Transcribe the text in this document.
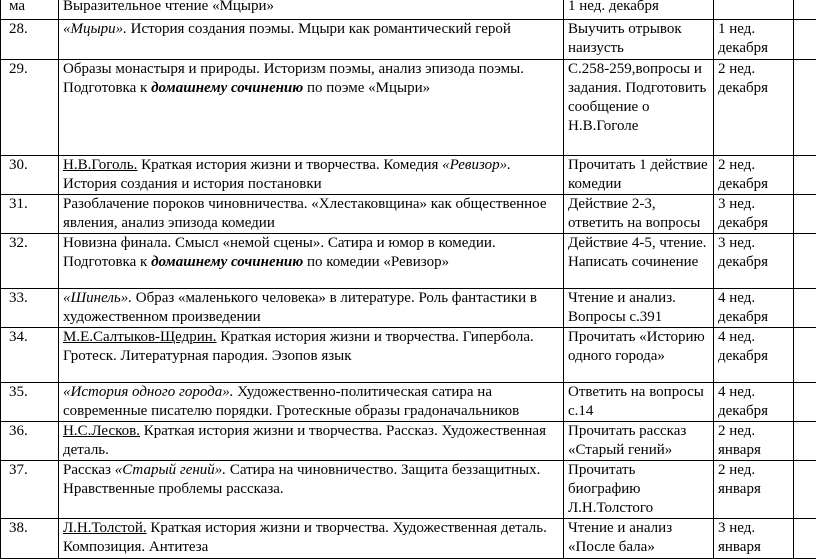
ма	Выразительное чтение «Мцыри»	1 нед. декабря		
28.	«Мцыри». История создания поэмы. Мцыри как романтический герой	Выучить отрывок наизусть	1 нед. декабря	
29.	Образы монастыря и природы. Историзм поэмы, анализ эпизода поэмы. Подготовка к домашнему сочинению по поэме «Мцыри»	С.258-259,вопросы и задания. Подготовить сообщение о Н.В.Гоголе	2 нед. декабря	
30.	Н.В.Гоголь. Краткая история жизни и творчества. Комедия «Ревизор». История создания и история постановки	Прочитать 1 действие комедии	2 нед. декабря	
31.	Разоблачение пороков чиновничества. «Хлестаковщина» как общественное явления, анализ эпизода комедии	Действие 2-3, ответить на вопросы	3 нед. декабря	
32.	Новизна финала. Смысл «немой сцены». Сатира и юмор в комедии. Подготовка к домашнему сочинению по комедии «Ревизор»	Действие 4-5, чтение. Написать сочинение	3 нед. декабря	
33.	«Шинель». Образ «маленького человека» в литературе. Роль фантастики в художественном произведении	Чтение и анализ. Вопросы с.391	4 нед. декабря	
34.	М.Е.Салтыков-Щедрин. Краткая история жизни и творчества. Гипербола. Гротеск. Литературная пародия. Эзопов язык	Прочитать «Историю одного города»	4 нед. декабря	
35.	«История одного города». Художественно-политическая сатира на современные писателю порядки. Гротескные образы градоначальников	Ответить на вопросы с.14	4 нед. декабря	
36.	Н.С.Лесков. Краткая история жизни и творчества. Рассказ. Художественная деталь.	Прочитать рассказ «Старый гений»	2 нед. января	
37.	Рассказ «Старый гений». Сатира на чиновничество. Защита беззащитных. Нравственные проблемы рассказа.	Прочитать биографию Л.Н.Толстого	2 нед. января	
38.	Л.Н.Толстой. Краткая история жизни и творчества. Художественная деталь. Композиция. Антитеза	Чтение и анализ «После бала»	3 нед. января	
